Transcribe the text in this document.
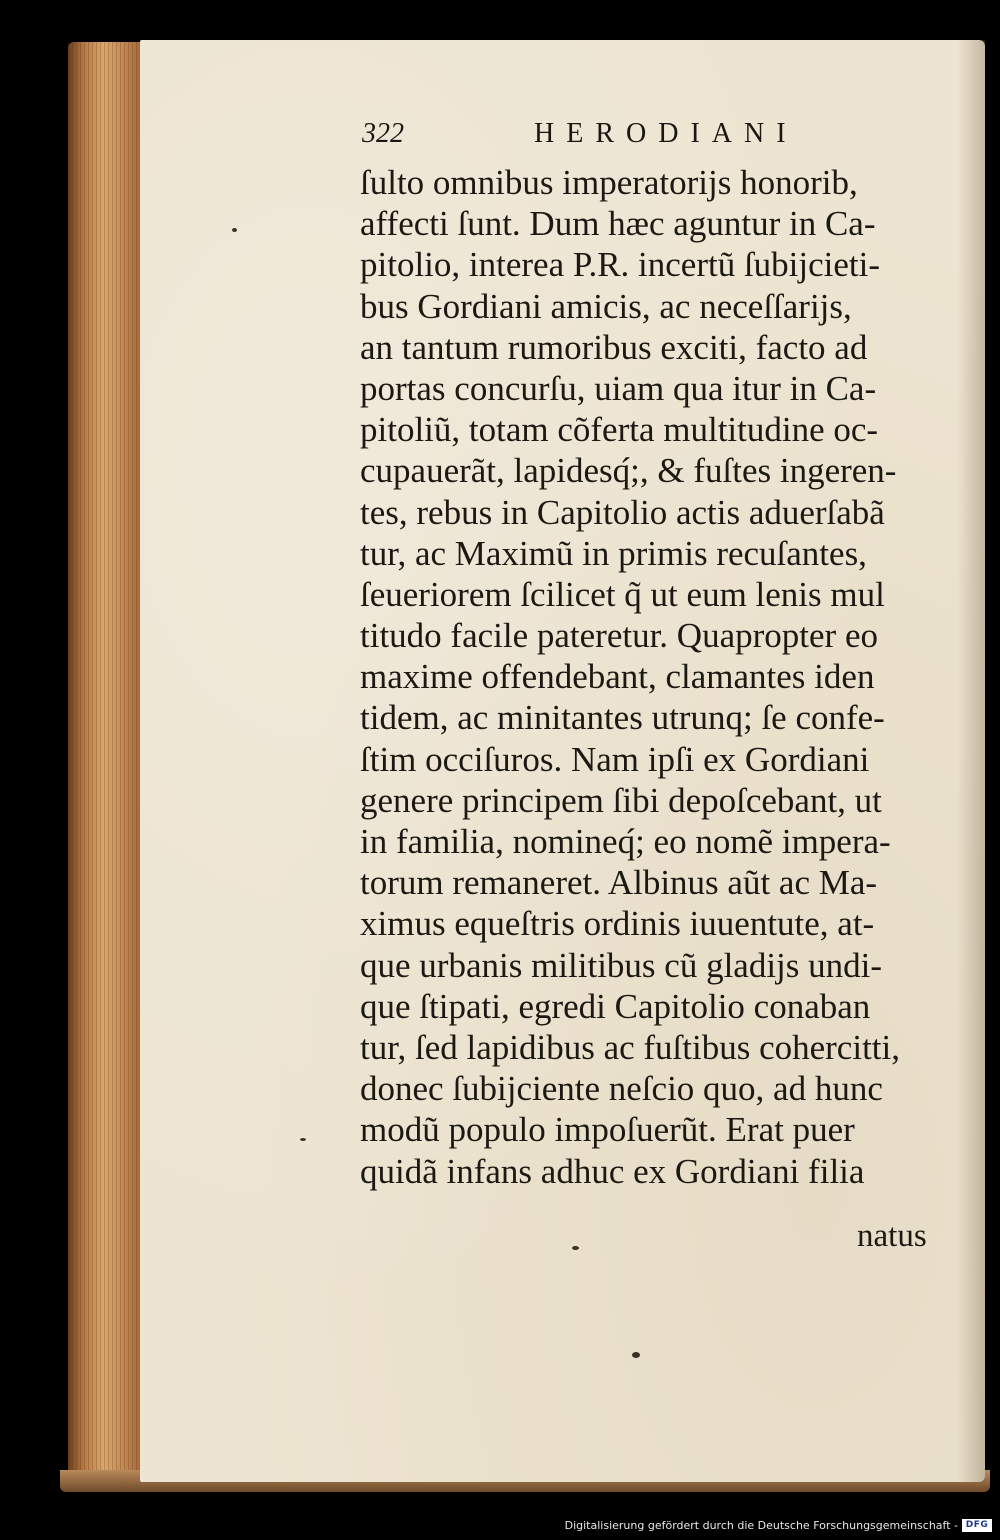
322	HERODIANI
ſulto omnibus imperatorijs honorib,
affecti ſunt. Dum hæc aguntur in Ca-
pitolio, interea P.R. incertũ ſubijcieti-
bus Gordiani amicis, ac neceſſarijs,
an tantum rumoribus exciti, facto ad
portas concurſu, uiam qua itur in Ca-
pitoliũ, totam cõferta multitudine oc-
cupauerãt, lapidesq́;, & fuſtes ingeren-
tes, rebus in Capitolio actis aduerſabã
tur, ac Maximũ in primis recuſantes,
ſeueriorem ſcilicet q̃ ut eum lenis mul
titudo facile pateretur. Quapropter eo
maxime offendebant, clamantes iden
tidem, ac minitantes utrunq; ſe confe-
ſtim occiſuros. Nam ipſi ex Gordiani
genere principem ſibi depoſcebant, ut
in familia, nomineq́; eo nomẽ impera-
torum remaneret. Albinus aũt ac Ma-
ximus equeſtris ordinis iuuentute, at-
que urbanis militibus cũ gladijs undi-
que ſtipati, egredi Capitolio conaban
tur, ſed lapidibus ac fuſtibus cohercitti,
donec ſubijciente neſcio quo, ad hunc
modũ populo impoſuerũt. Erat puer
quidã infans adhuc ex Gordiani filia
natus
Digitalisierung gefördert durch die Deutsche Forschungsgemeinschaft - DFG
